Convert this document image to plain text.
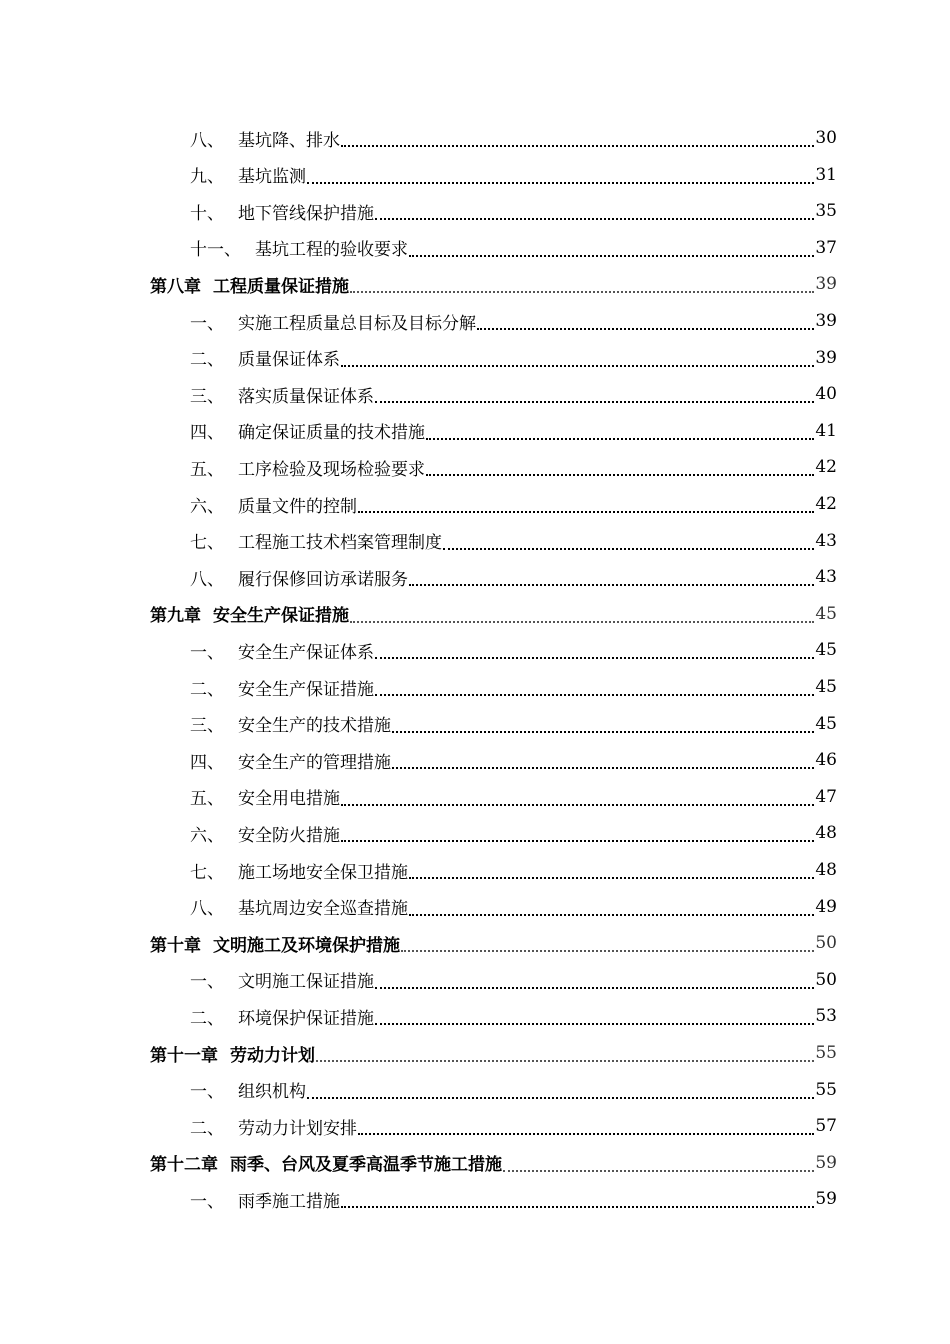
八、 基坑降、排水	30
九、 基坑监测	31
十、 地下管线保护措施	35
十一、 基坑工程的验收要求	37
第八章 工程质量保证措施	39
一、 实施工程质量总目标及目标分解	39
二、 质量保证体系	39
三、 落实质量保证体系	40
四、 确定保证质量的技术措施	41
五、 工序检验及现场检验要求	42
六、 质量文件的控制	42
七、 工程施工技术档案管理制度	43
八、 履行保修回访承诺服务	43
第九章 安全生产保证措施	45
一、 安全生产保证体系	45
二、 安全生产保证措施	45
三、 安全生产的技术措施	45
四、 安全生产的管理措施	46
五、 安全用电措施	47
六、 安全防火措施	48
七、 施工场地安全保卫措施	48
八、 基坑周边安全巡查措施	49
第十章 文明施工及环境保护措施	50
一、 文明施工保证措施	50
二、 环境保护保证措施	53
第十一章 劳动力计划	55
一、 组织机构	55
二、 劳动力计划安排	57
第十二章 雨季、台风及夏季高温季节施工措施	59
一、 雨季施工措施	59
